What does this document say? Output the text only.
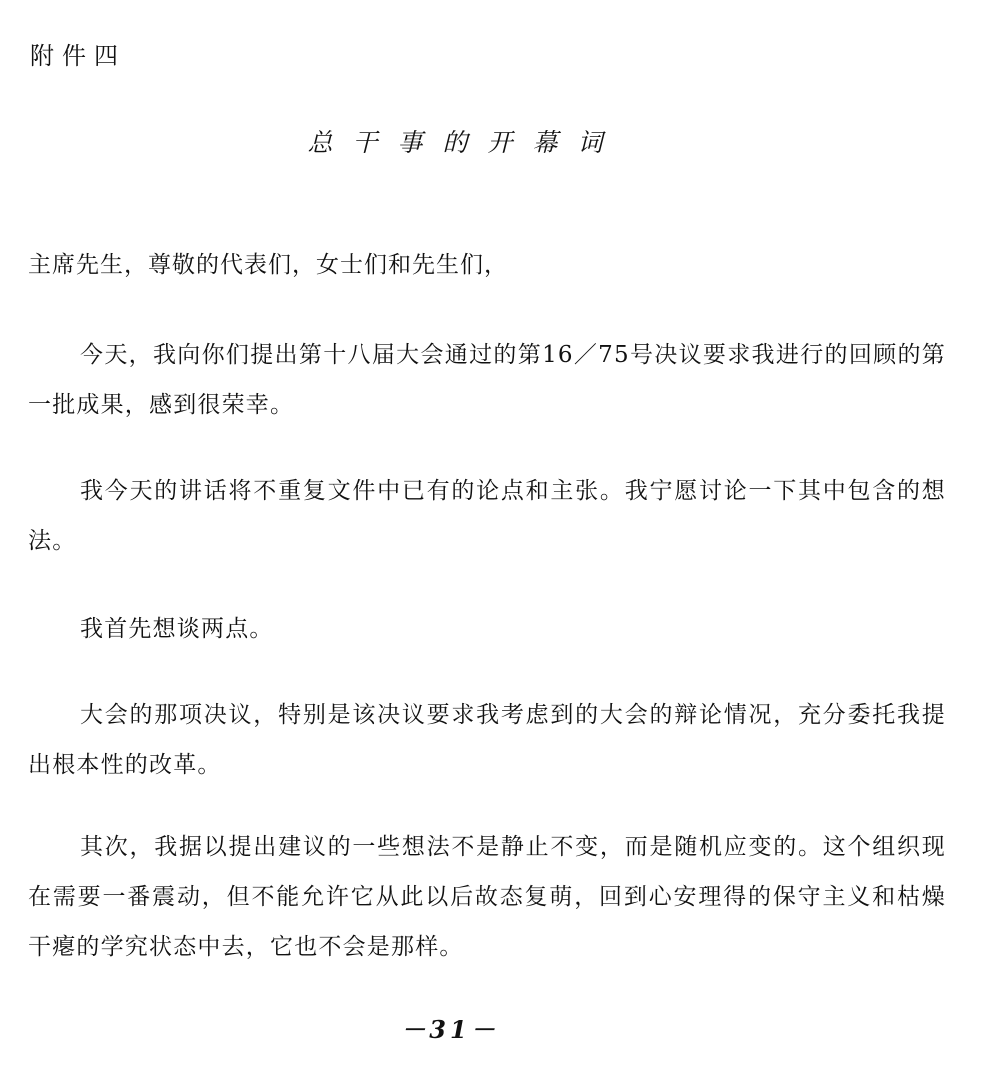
附件四
总干事的开幕词
主席先生，尊敬的代表们，女士们和先生们，

今天，我向你们提出第十八届大会通过的第16／75号决议要求我进行的回顾的第一批成果，感到很荣幸。

我今天的讲话将不重复文件中已有的论点和主张。我宁愿讨论一下其中包含的想法。

我首先想谈两点。

大会的那项决议，特别是该决议要求我考虑到的大会的辩论情况，充分委托我提出根本性的改革。

其次，我据以提出建议的一些想法不是静止不变，而是随机应变的。这个组织现在需要一番震动，但不能允许它从此以后故态复萌，回到心安理得的保守主义和枯燥干瘪的学究状态中去，它也不会是那样。

－31－
